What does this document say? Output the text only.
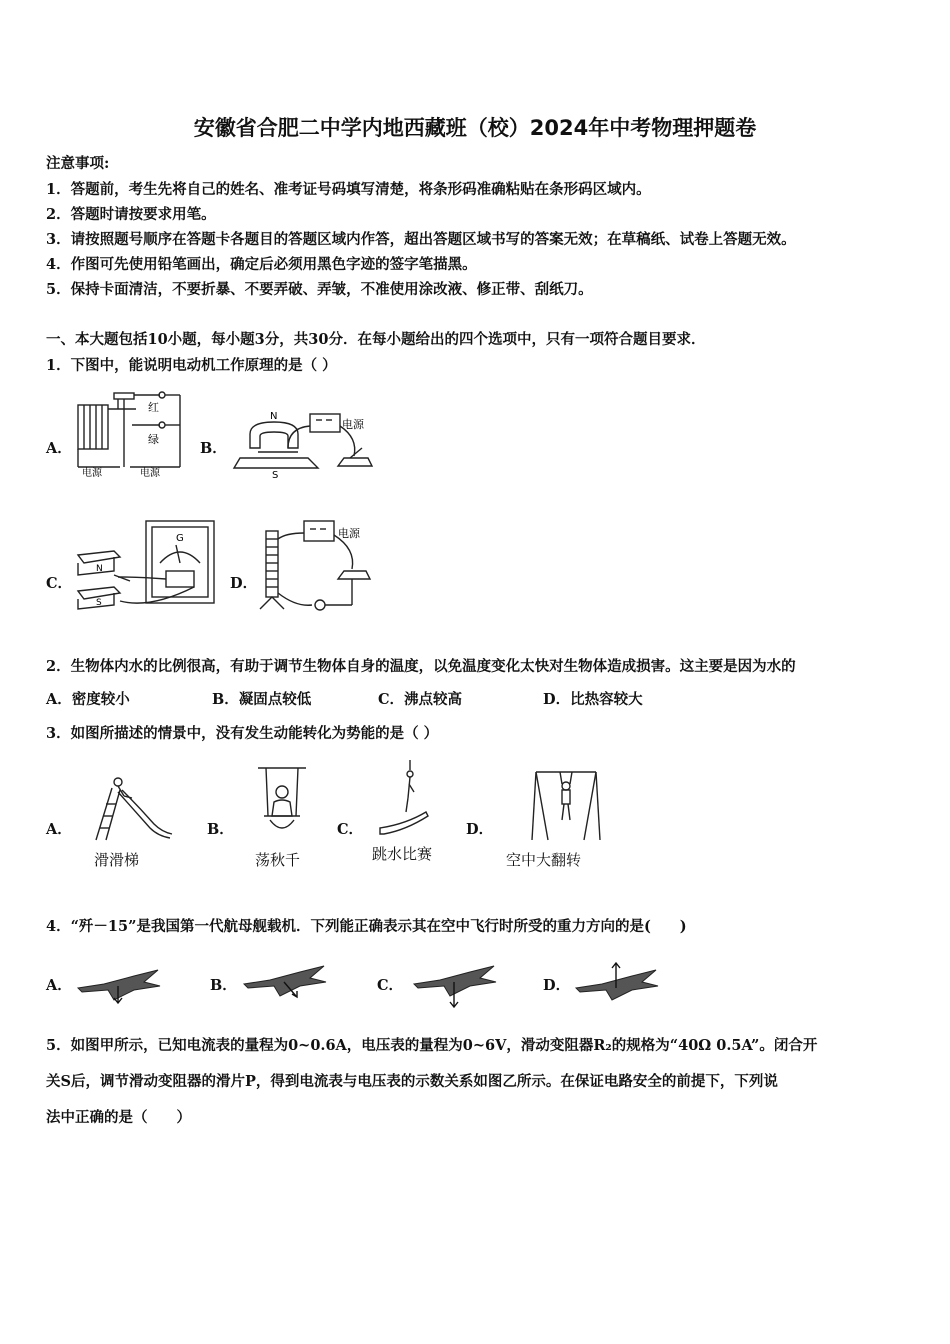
安徽省合肥二中学内地西藏班（校）2024年中考物理押题卷
注意事项:
1．答题前，考生先将自己的姓名、准考证号码填写清楚，将条形码准确粘贴在条形码区域内。
2．答题时请按要求用笔。
3．请按照题号顺序在答题卡各题目的答题区域内作答，超出答题区域书写的答案无效；在草稿纸、试卷上答题无效。
4．作图可先使用铅笔画出，确定后必须用黑色字迹的签字笔描黑。
5．保持卡面清洁，不要折暴、不要弄破、弄皱，不准使用涂改液、修正带、刮纸刀。
一、本大题包括10小题，每小题3分，共30分．在每小题给出的四个选项中，只有一项符合题目要求．
1．下图中，能说明电动机工作原理的是（ ）
A．
红
绿
电源	电源
B．
N
S
电源
C．
N
S
G
D．
电源
2．生物体内水的比例很高，有助于调节生物体自身的温度，以免温度变化太快对生物体造成损害。这主要是因为水的
A．密度较小	B．凝固点较低	C．沸点较高	D．比热容较大
3．如图所描述的情景中，没有发生动能转化为势能的是（ ）
A．
滑滑梯
B．
荡秋千
C．
跳水比赛
D．
空中大翻转
4．“歼－15”是我国第一代航母舰载机．下列能正确表示其在空中飞行时所受的重力方向的是(　　)
A．	B．	C．	D．
5．如图甲所示，已知电流表的量程为0~0.6A，电压表的量程为0~6V，滑动变阻器R₂的规格为“40Ω 0.5A”。闭合开
关S后，调节滑动变阻器的滑片P，得到电流表与电压表的示数关系如图乙所示。在保证电路安全的前提下，下列说
法中正确的是（　　）
